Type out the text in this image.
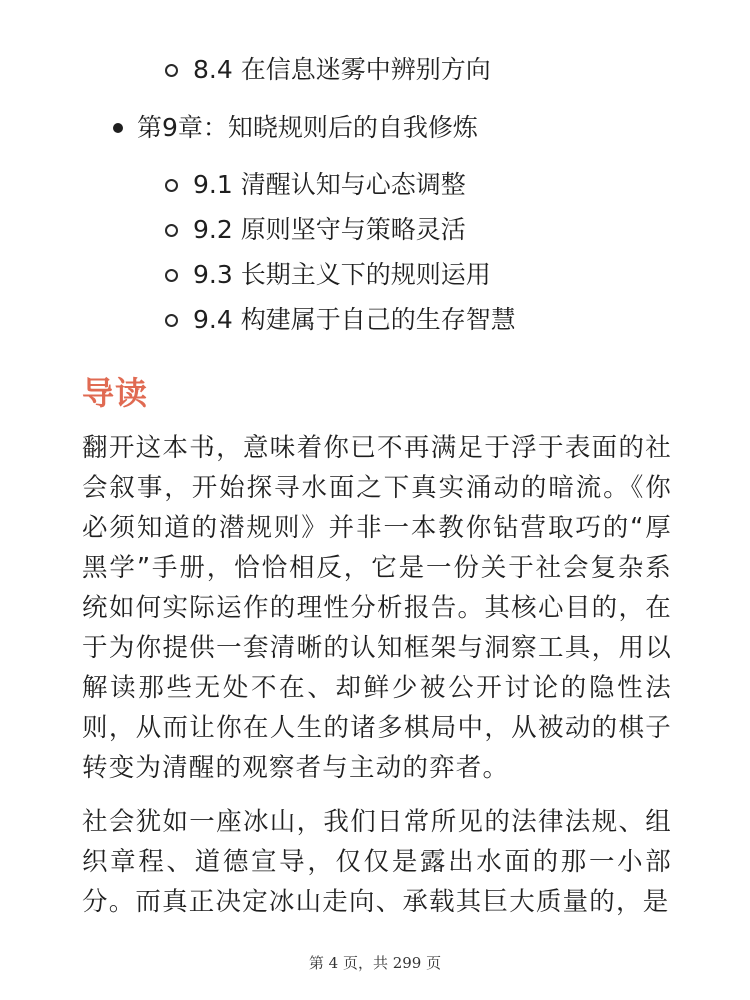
8.4 在信息迷雾中辨别方向
第9章：知晓规则后的自我修炼
9.1 清醒认知与心态调整
9.2 原则坚守与策略灵活
9.3 长期主义下的规则运用
9.4 构建属于自己的生存智慧
导读

翻开这本书，意味着你已不再满足于浮于表面的社会叙事，开始探寻水面之下真实涌动的暗流。《你必须知道的潜规则》并非一本教你钻营取巧的“厚黑学”手册，恰恰相反，它是一份关于社会复杂系统如何实际运作的理性分析报告。其核心目的，在于为你提供一套清晰的认知框架与洞察工具，用以解读那些无处不在、却鲜少被公开讨论的隐性法则，从而让你在人生的诸多棋局中，从被动的棋子转变为清醒的观察者与主动的弈者。

社会犹如一座冰山，我们日常所见的法律法规、组织章程、道德宣导，仅仅是露出水面的那一小部分。而真正决定冰山走向、承载其巨大质量的，是

第 4 页，共 299 页
